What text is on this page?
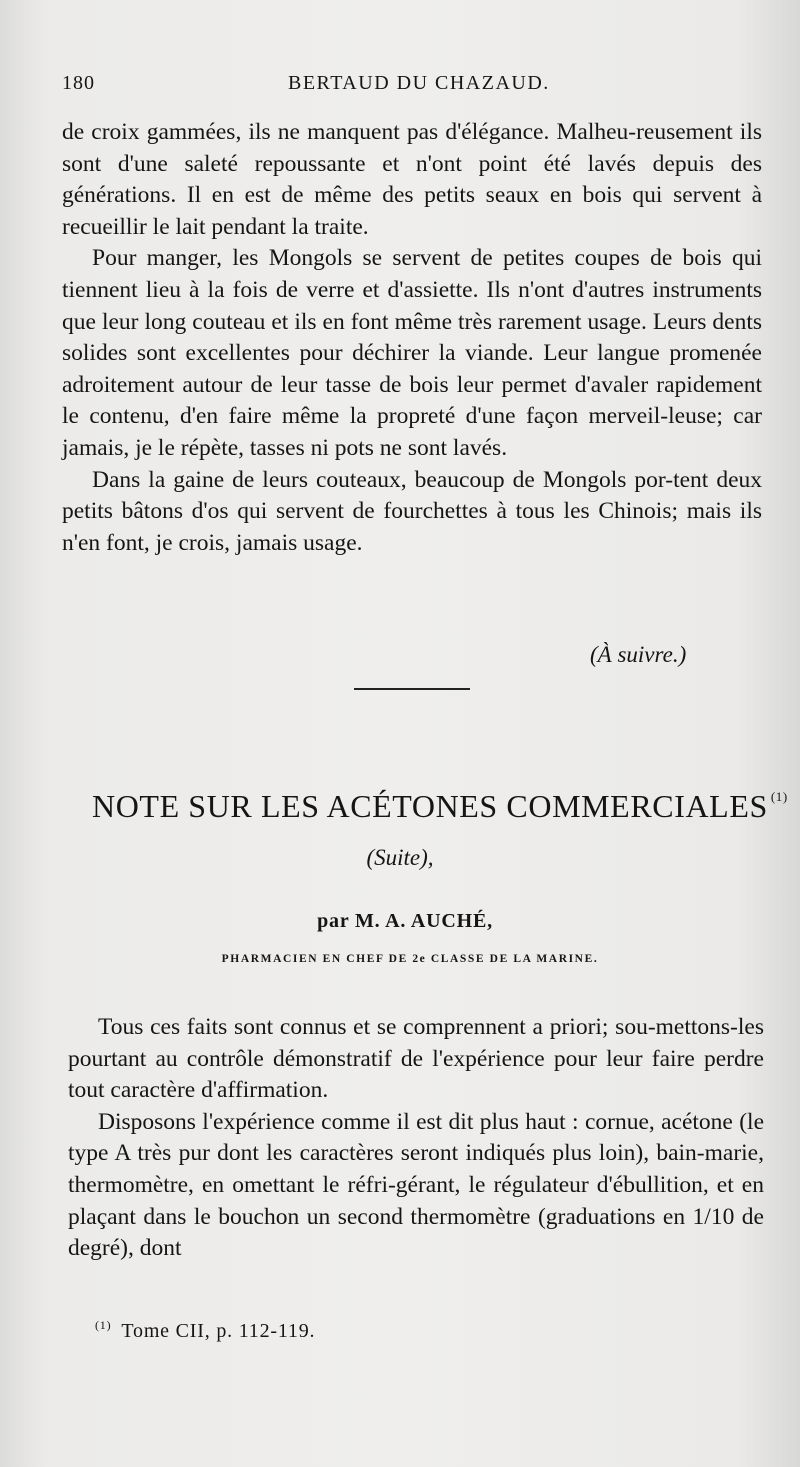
180	BERTAUD DU CHAZAUD.

de croix gammées, ils ne manquent pas d'élégance. Malheu-reusement ils sont d'une saleté repoussante et n'ont point été lavés depuis des générations. Il en est de même des petits seaux en bois qui servent à recueillir le lait pendant la traite.

Pour manger, les Mongols se servent de petites coupes de bois qui tiennent lieu à la fois de verre et d'assiette. Ils n'ont d'autres instruments que leur long couteau et ils en font même très rarement usage. Leurs dents solides sont excellentes pour déchirer la viande. Leur langue promenée adroitement autour de leur tasse de bois leur permet d'avaler rapidement le contenu, d'en faire même la propreté d'une façon merveil-leuse; car jamais, je le répète, tasses ni pots ne sont lavés.

Dans la gaine de leurs couteaux, beaucoup de Mongols por-tent deux petits bâtons d'os qui servent de fourchettes à tous les Chinois; mais ils n'en font, je crois, jamais usage.

(À suivre.)
NOTE SUR LES ACÉTONES COMMERCIALES $^{(1)}$
(Suite),
par M. A. AUCHÉ,
PHARMACIEN EN CHEF DE 2e CLASSE DE LA MARINE.

Tous ces faits sont connus et se comprennent a priori; sou-mettons-les pourtant au contrôle démonstratif de l'expérience pour leur faire perdre tout caractère d'affirmation.

Disposons l'expérience comme il est dit plus haut : cornue, acétone (le type A très pur dont les caractères seront indiqués plus loin), bain-marie, thermomètre, en omettant le réfri-gérant, le régulateur d'ébullition, et en plaçant dans le bouchon un second thermomètre (graduations en 1/10 de degré), dont

$^{(1)}$ Tome CII, p. 112-119.
